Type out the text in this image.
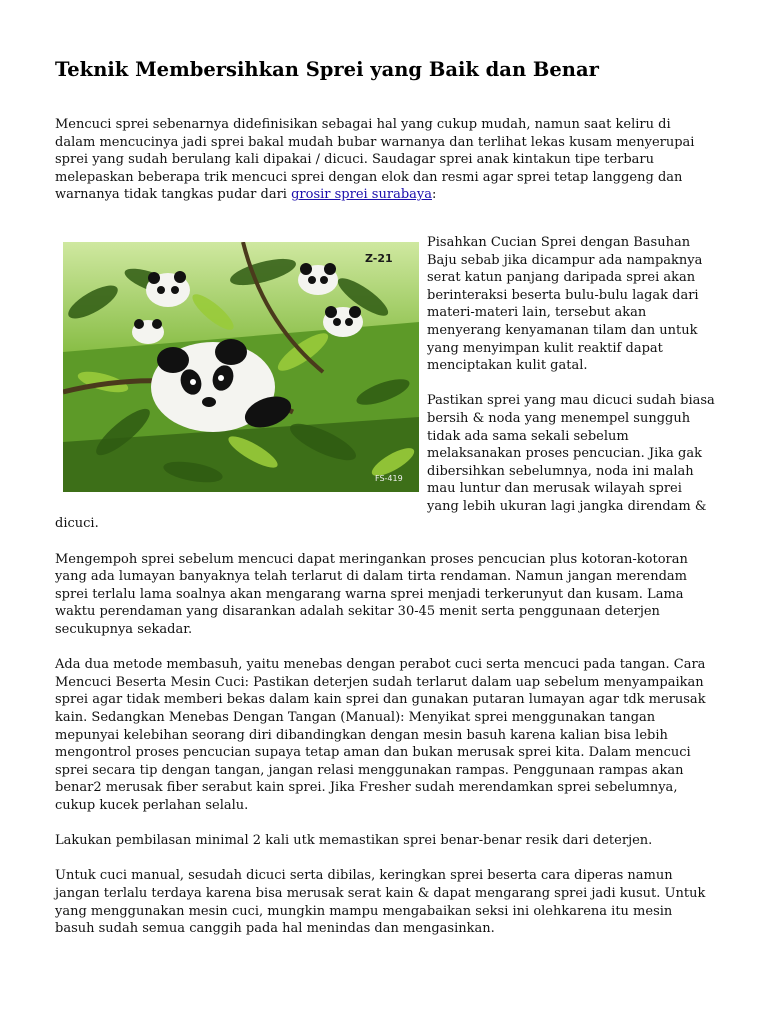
Teknik Membersihkan Sprei yang Baik dan Benar

Mencuci sprei sebenarnya didefinisikan sebagai hal yang cukup mudah, namun saat keliru di dalam mencucinya jadi sprei bakal mudah bubar warnanya dan terlihat lekas kusam menyerupai sprei yang sudah berulang kali dipakai / dicuci. Saudagar sprei anak kintakun tipe terbaru melepaskan beberapa trik mencuci sprei dengan elok dan resmi agar sprei tetap langgeng dan warnanya tidak tangkas pudar dari grosir sprei surabaya:

Z-21
FS-419

Pisahkan Cucian Sprei dengan Basuhan Baju sebab jika dicampur ada nampaknya serat katun panjang daripada sprei akan berinteraksi beserta bulu-bulu lagak dari materi-materi lain, tersebut akan menyerang kenyamanan tilam dan untuk yang menyimpan kulit reaktif dapat menciptakan kulit gatal.

Pastikan sprei yang mau dicuci sudah biasa bersih & noda yang menempel sungguh tidak ada sama sekali sebelum melaksanakan proses pencucian. Jika gak dibersihkan sebelumnya, noda ini malah mau luntur dan merusak wilayah sprei yang lebih ukuran lagi jangka direndam & dicuci.

Mengempoh sprei sebelum mencuci dapat meringankan proses pencucian plus kotoran-kotoran yang ada lumayan banyaknya telah terlarut di dalam tirta rendaman. Namun jangan merendam sprei terlalu lama soalnya akan mengarang warna sprei menjadi terkerunyut dan kusam. Lama waktu perendaman yang disarankan adalah sekitar 30-45 menit serta penggunaan deterjen secukupnya sekadar.

Ada dua metode membasuh, yaitu menebas dengan perabot cuci serta mencuci pada tangan. Cara Mencuci Beserta Mesin Cuci: Pastikan deterjen sudah terlarut dalam uap sebelum menyampaikan sprei agar tidak memberi bekas dalam kain sprei dan gunakan putaran lumayan agar tdk merusak kain. Sedangkan Menebas Dengan Tangan (Manual): Menyikat sprei menggunakan tangan mepunyai kelebihan seorang diri dibandingkan dengan mesin basuh karena kalian bisa lebih mengontrol proses pencucian supaya tetap aman dan bukan merusak sprei kita. Dalam mencuci sprei secara tip dengan tangan, jangan relasi menggunakan rampas. Penggunaan rampas akan benar2 merusak fiber serabut kain sprei. Jika Fresher sudah merendamkan sprei sebelumnya, cukup kucek perlahan selalu.

Lakukan pembilasan minimal 2 kali utk memastikan sprei benar-benar resik dari deterjen.

Untuk cuci manual, sesudah dicuci serta dibilas, keringkan sprei beserta cara diperas namun jangan terlalu terdaya karena bisa merusak serat kain & dapat mengarang sprei jadi kusut. Untuk yang menggunakan mesin cuci, mungkin mampu mengabaikan seksi ini olehkarena itu mesin basuh sudah semua canggih pada hal menindas dan mengasinkan.
